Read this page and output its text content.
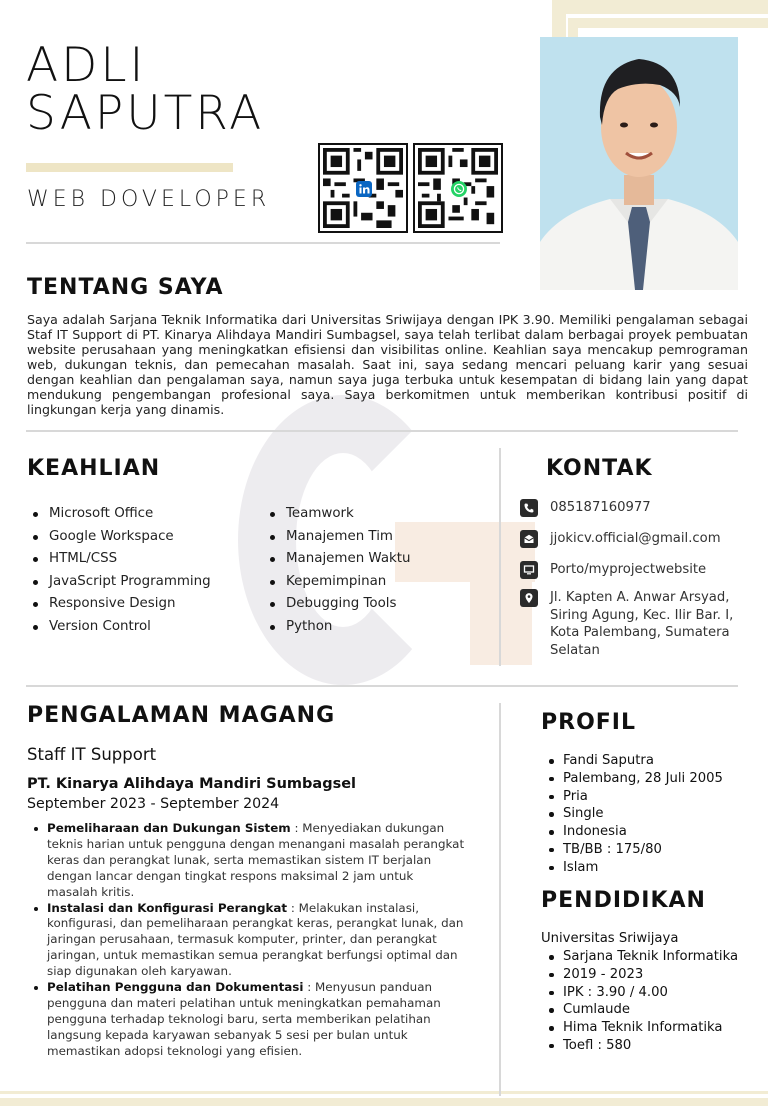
ADLI
SAPUTRA
WEB DOVELOPER
TENTANG SAYA

Saya adalah Sarjana Teknik Informatika dari Universitas Sriwijaya dengan IPK 3.90. Memiliki pengalaman sebagai Staf IT Support di PT. Kinarya Alihdaya Mandiri Sumbagsel, saya telah terlibat dalam berbagai proyek pembuatan website perusahaan yang meningkatkan efisiensi dan visibilitas online. Keahlian saya mencakup pemrograman web, dukungan teknis, dan pemecahan masalah. Saat ini, saya sedang mencari peluang karir yang sesuai dengan keahlian dan pengalaman saya, namun saya juga terbuka untuk kesempatan di bidang lain yang dapat mendukung pengembangan profesional saya. Saya berkomitmen untuk memberikan kontribusi positif di lingkungan kerja yang dinamis.

KEAHLIAN
Microsoft Office
Google Workspace
HTML/CSS
JavaScript Programming
Responsive Design
Version Control
Teamwork
Manajemen Tim
Manajemen Waktu
Kepemimpinan
Debugging Tools
Python
KONTAK
085187160977
jjokicv.official@gmail.com
Porto/myprojectwebsite
Jl. Kapten A. Anwar Arsyad,
Siring Agung, Kec. Ilir Bar. I,
Kota Palembang, Sumatera
Selatan
PENGALAMAN MAGANG
Staff IT Support
PT. Kinarya Alihdaya Mandiri Sumbagsel
September 2023 - September 2024
Pemeliharaan dan Dukungan Sistem : Menyediakan dukungan teknis harian untuk pengguna dengan menangani masalah perangkat keras dan perangkat lunak, serta memastikan sistem IT berjalan dengan lancar dengan tingkat respons maksimal 2 jam untuk masalah kritis.
Instalasi dan Konfigurasi Perangkat : Melakukan instalasi, konfigurasi, dan pemeliharaan perangkat keras, perangkat lunak, dan jaringan perusahaan, termasuk komputer, printer, dan perangkat jaringan, untuk memastikan semua perangkat berfungsi optimal dan siap digunakan oleh karyawan.
Pelatihan Pengguna dan Dokumentasi : Menyusun panduan pengguna dan materi pelatihan untuk meningkatkan pemahaman pengguna terhadap teknologi baru, serta memberikan pelatihan langsung kepada karyawan sebanyak 5 sesi per bulan untuk memastikan adopsi teknologi yang efisien.
PROFIL
Fandi Saputra
Palembang, 28 Juli 2005
Pria
Single
Indonesia
TB/BB : 175/80
Islam
PENDIDIKAN
Universitas Sriwijaya
Sarjana Teknik Informatika
2019 - 2023
IPK : 3.90 / 4.00
Cumlaude
Hima Teknik Informatika
Toefl : 580
